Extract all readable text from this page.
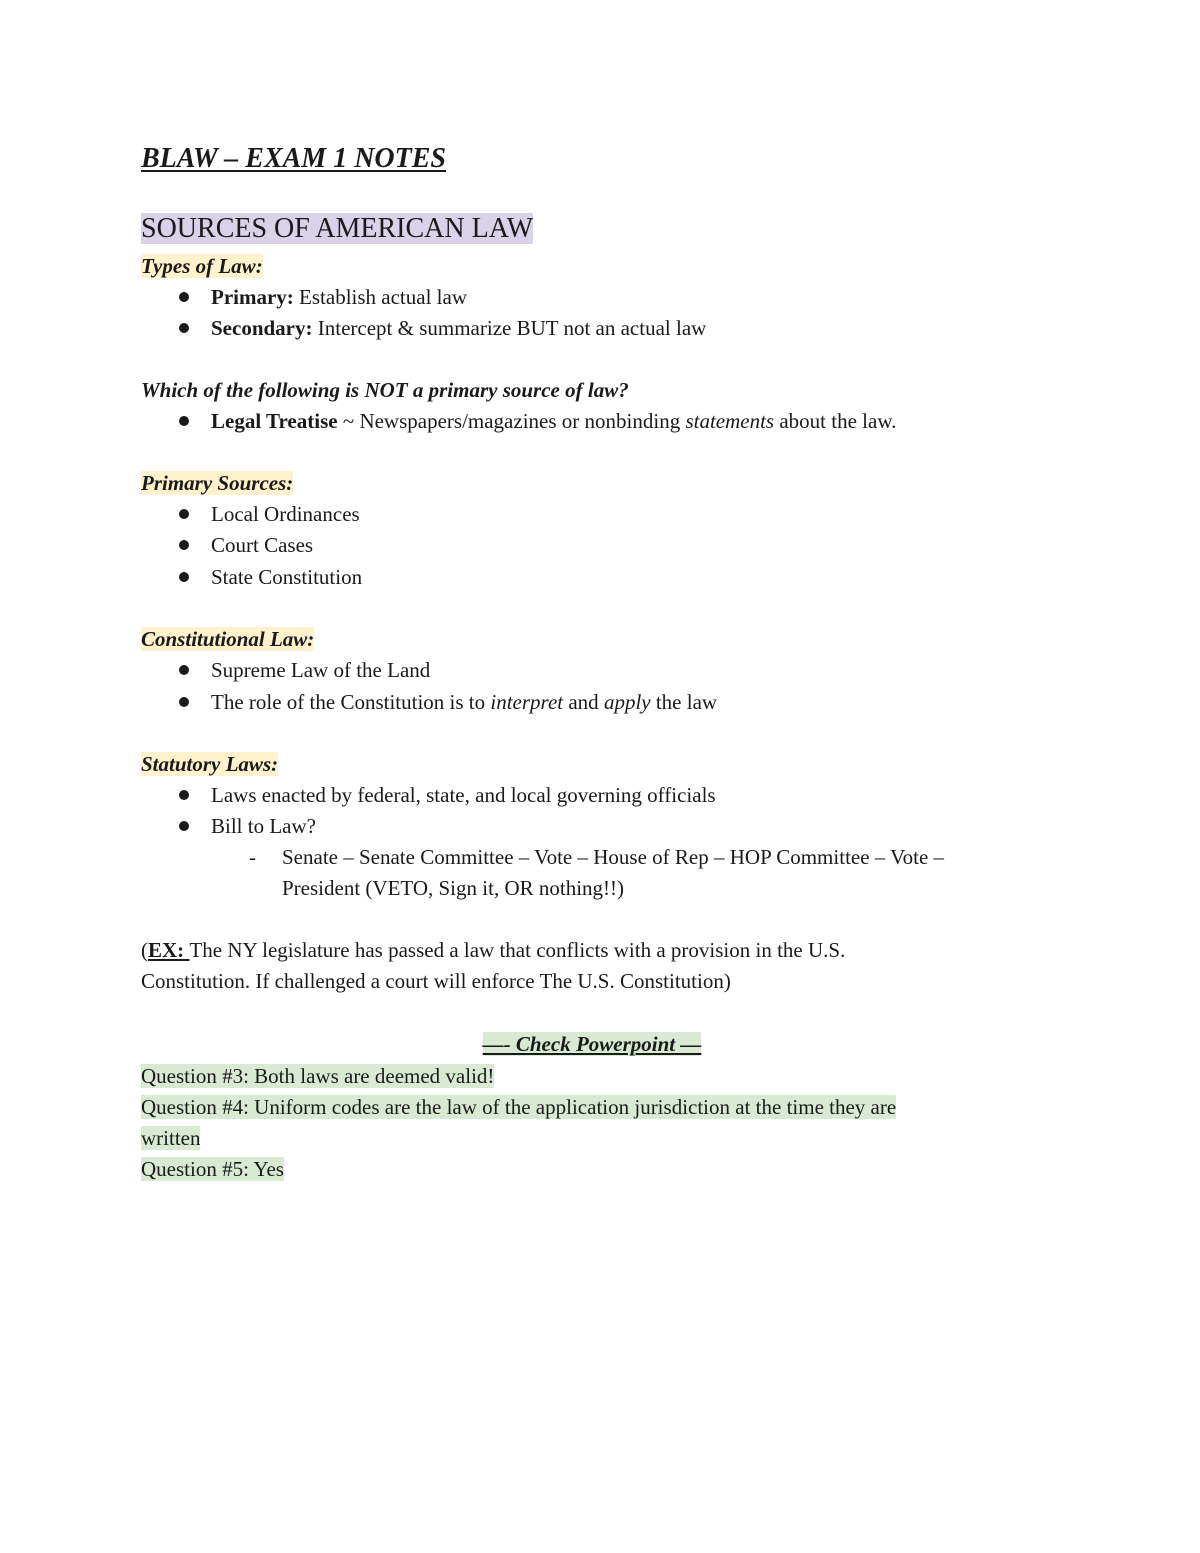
BLAW – EXAM 1 NOTES
SOURCES OF AMERICAN LAW
Types of Law:
Primary: Establish actual law
Secondary: Intercept & summarize BUT not an actual law
Which of the following is NOT a primary source of law?
Legal Treatise ~ Newspapers/magazines or nonbinding statements about the law.
Primary Sources:
Local Ordinances
Court Cases
State Constitution
Constitutional Law:
Supreme Law of the Land
The role of the Constitution is to interpret and apply the law
Statutory Laws:
Laws enacted by federal, state, and local governing officials
Bill to Law?
- Senate – Senate Committee – Vote – House of Rep – HOP Committee – Vote –
President (VETO, Sign it, OR nothing!!)
(EX: The NY legislature has passed a law that conflicts with a provision in the U.S.
Constitution. If challenged a court will enforce The U.S. Constitution)
—- Check Powerpoint —
Question #3: Both laws are deemed valid!
Question #4: Uniform codes are the law of the application jurisdiction at the time they are
written
Question #5: Yes
